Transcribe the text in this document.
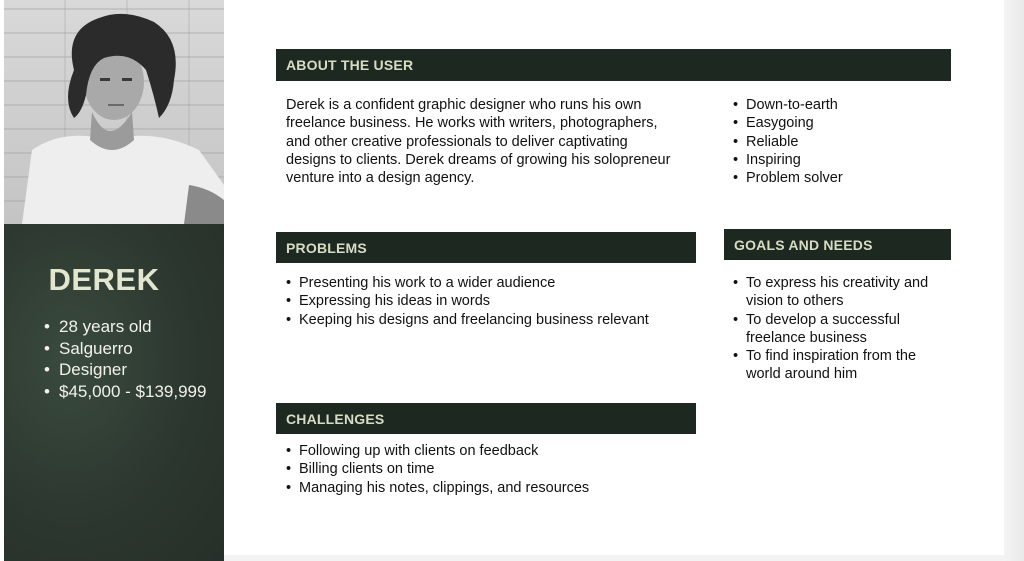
DEREK
• 28 years old
• Salguerro
• Designer
• $45,000 - $139,999
ABOUT THE USER

Derek is a confident graphic designer who runs his own freelance business. He works with writers, photographers, and other creative professionals to deliver captivating designs to clients. Derek dreams of growing his solopreneur venture into a design agency.

• Down-to-earth
• Easygoing
• Reliable
• Inspiring
• Problem solver
PROBLEMS
• Presenting his work to a wider audience
• Expressing his ideas in words
• Keeping his designs and freelancing business relevant
GOALS AND NEEDS
• To express his creativity and vision to others
• To develop a successful freelance business
• To find inspiration from the world around him
CHALLENGES
• Following up with clients on feedback
• Billing clients on time
• Managing his notes, clippings, and resources
